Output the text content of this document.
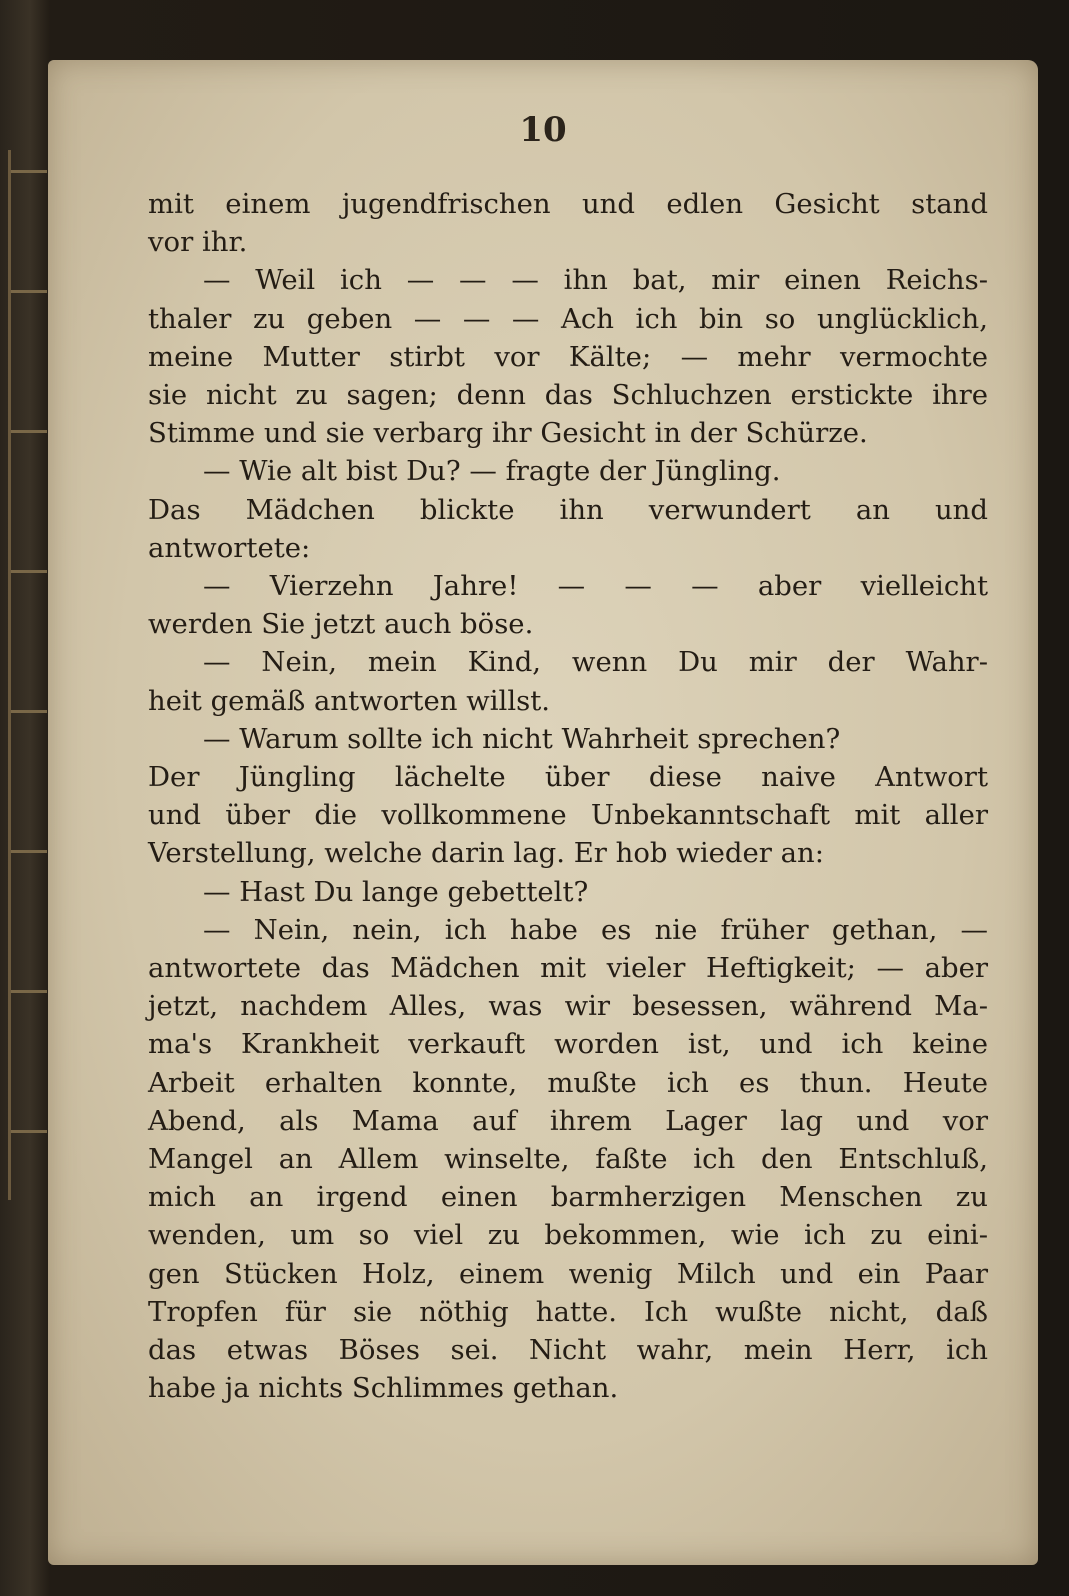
10
mit einem jugendfrischen und edlen Gesicht stand
vor ihr.
— Weil ich — — — ihn bat, mir einen Reichs-
thaler zu geben — — — Ach ich bin so unglücklich,
meine Mutter stirbt vor Kälte; — mehr vermochte
sie nicht zu sagen; denn das Schluchzen erstickte ihre
Stimme und sie verbarg ihr Gesicht in der Schürze.
— Wie alt bist Du? — fragte der Jüngling.
Das Mädchen blickte ihn verwundert an und
antwortete:
— Vierzehn Jahre! — — — aber vielleicht
werden Sie jetzt auch böse.
— Nein, mein Kind, wenn Du mir der Wahr-
heit gemäß antworten willst.
— Warum sollte ich nicht Wahrheit sprechen?
Der Jüngling lächelte über diese naive Antwort
und über die vollkommene Unbekanntschaft mit aller
Verstellung, welche darin lag. Er hob wieder an:
— Hast Du lange gebettelt?
— Nein, nein, ich habe es nie früher gethan, —
antwortete das Mädchen mit vieler Heftigkeit; — aber
jetzt, nachdem Alles, was wir besessen, während Ma-
ma's Krankheit verkauft worden ist, und ich keine
Arbeit erhalten konnte, mußte ich es thun. Heute
Abend, als Mama auf ihrem Lager lag und vor
Mangel an Allem winselte, faßte ich den Entschluß,
mich an irgend einen barmherzigen Menschen zu
wenden, um so viel zu bekommen, wie ich zu eini-
gen Stücken Holz, einem wenig Milch und ein Paar
Tropfen für sie nöthig hatte. Ich wußte nicht, daß
das etwas Böses sei. Nicht wahr, mein Herr, ich
habe ja nichts Schlimmes gethan.
